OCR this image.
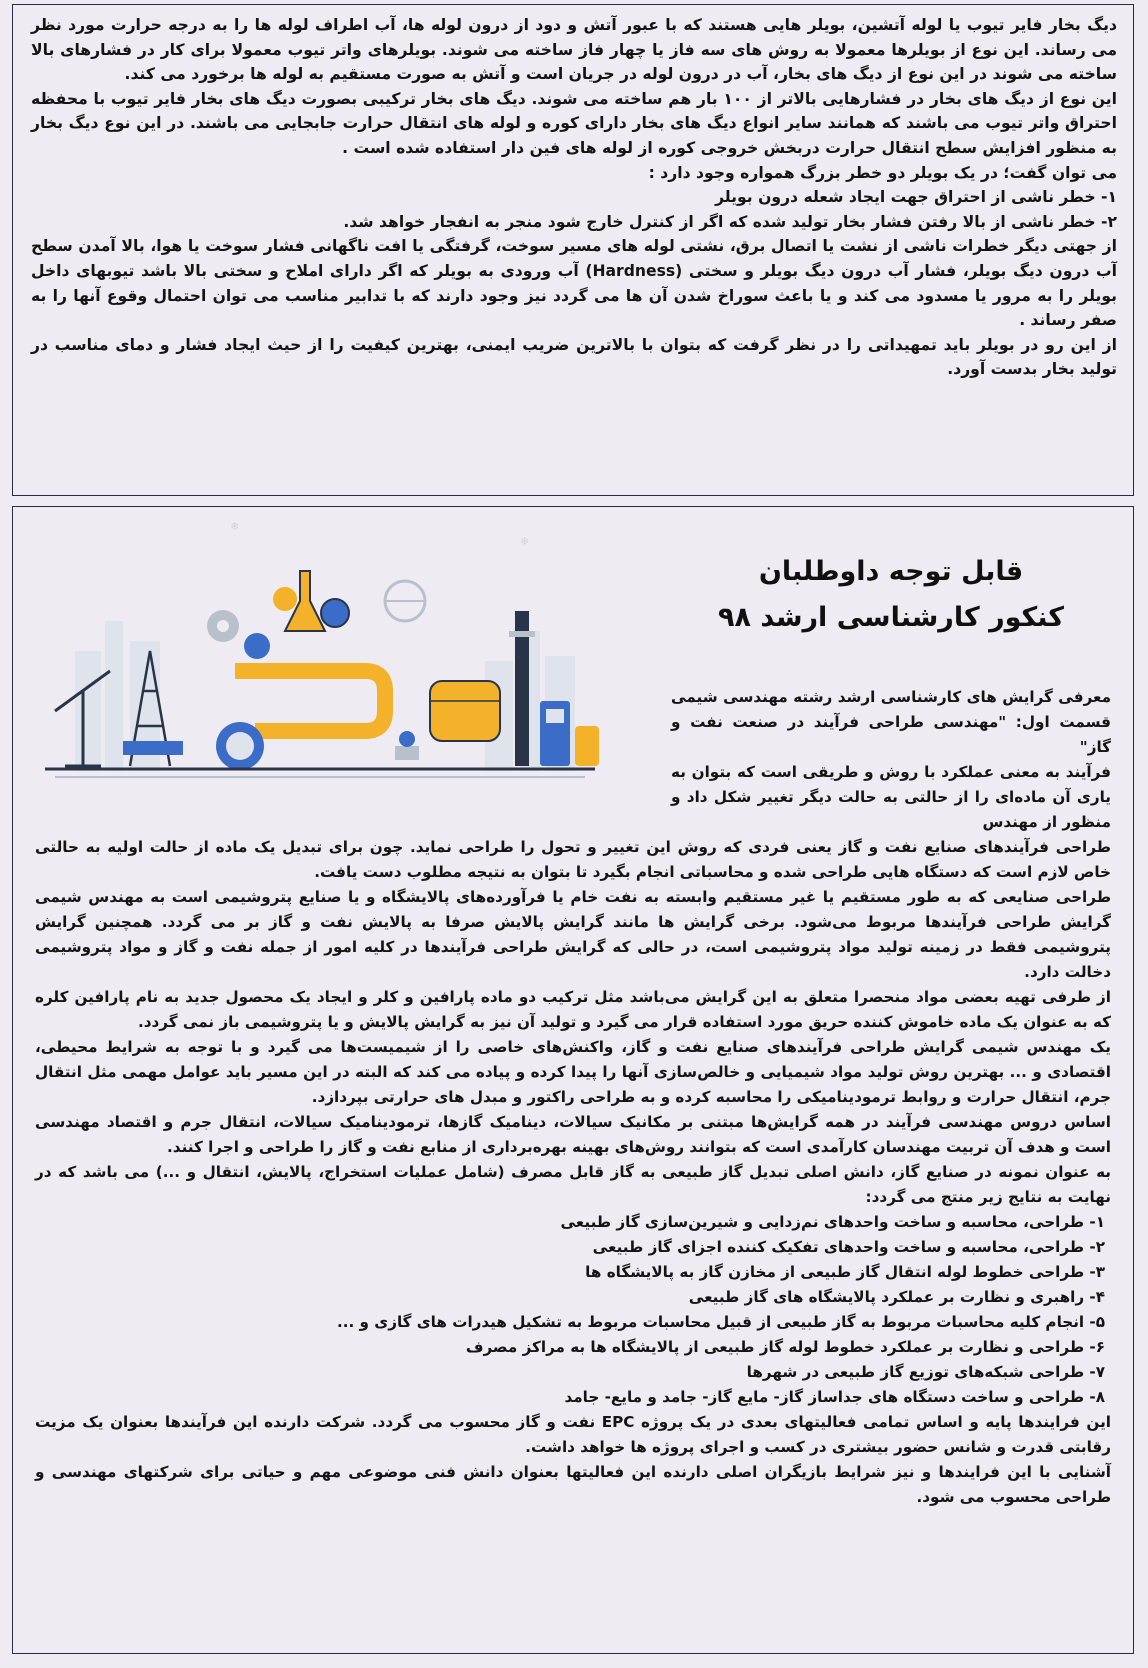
❄
❄

دیگ بخار فایر تیوب یا لوله آتشین، بویلر هایی هستند که با عبور آتش و دود از درون لوله ها، آب اطراف لوله ها را به درجه حرارت مورد نظر می رساند. این نوع از بویلرها معمولا به روش های سه فاز یا چهار فاز ساخته می شوند. بویلرهای واتر تیوب معمولا برای کار در فشارهای بالا ساخته می شوند در این نوع از دیگ های بخار، آب در درون لوله در جریان است و آتش به صورت مستقیم به لوله ها برخورد می کند.

این نوع از دیگ های بخار در فشارهایی بالاتر از ۱۰۰ بار هم ساخته می شوند. دیگ های بخار ترکیبی بصورت دیگ های بخار فایر تیوب با محفظه احتراق واتر تیوب می باشند که همانند سایر انواع دیگ های بخار دارای کوره و لوله های انتقال حرارت جابجایی می باشند. در این نوع دیگ بخار به منظور افزایش سطح انتقال حرارت دربخش خروجی کوره از لوله های فین دار استفاده شده است .

می توان گفت؛ در یک بویلر دو خطر بزرگ همواره وجود دارد :

۱- خطر ناشی از احتراق جهت ایجاد شعله درون بویلر

۲- خطر ناشی از بالا رفتن فشار بخار تولید شده که اگر از کنترل خارج شود منجر به انفجار خواهد شد.

از جهتی دیگر خطرات ناشی از نشت یا اتصال برق، نشتی لوله های مسیر سوخت، گرفتگی یا افت ناگهانی فشار سوخت یا هوا، بالا آمدن سطح آب درون دیگ بویلر، فشار آب درون دیگ بویلر و سختی (Hardness) آب ورودی به بویلر که اگر دارای املاح و سختی بالا باشد تیوبهای داخل بویلر را به مرور یا مسدود می کند و یا باعث سوراخ شدن آن ها می گردد نیز وجود دارند که با تدابیر مناسب می توان احتمال وقوع آنها را به صفر رساند .

از این رو در بویلر باید تمهیداتی را در نظر گرفت که بتوان با بالاترین ضریب ایمنی، بهترین کیفیت را از حیث ایجاد فشار و دمای مناسب در تولید بخار بدست آورد.

قابل توجه داوطلبان
کنکور کارشناسی ارشد ۹۸

معرفی گرایش های کارشناسی ارشد رشته مهندسی شیمی قسمت اول: "مهندسی طراحی فرآیند در صنعت نفت و گاز"

فرآیند به معنی عملکرد با روش و طریقی است که بتوان به یاری آن ماده‌ای را از حالتی به حالت دیگر تغییر شکل داد و منظور از مهندس

طراحی فرآیندهای صنایع نفت و گاز یعنی فردی که روش این تغییر و تحول را طراحی نماید. چون برای تبدیل یک ماده از حالت اولیه به حالتی خاص لازم است که دستگاه هایی طراحی شده و محاسباتی انجام بگیرد تا بتوان به نتیجه مطلوب دست یافت.

طراحی صنایعی که به طور مستقیم یا غیر مستقیم وابسته به نفت خام یا فرآورده‌های پالایشگاه و یا صنایع پتروشیمی است به مهندس شیمی گرایش طراحی فرآیندها مربوط می‌شود. برخی گرایش ها مانند گرایش پالایش صرفا به پالایش نفت و گاز بر می گردد. همچنین گرایش پتروشیمی فقط در زمینه تولید مواد پتروشیمی است، در حالی که گرایش طراحی فرآیندها در کلیه امور از جمله نفت و گاز و مواد پتروشیمی دخالت دارد.

از طرفی تهیه بعضی مواد منحصرا متعلق به این گرایش می‌باشد مثل ترکیب دو ماده پارافین و کلر و ایجاد یک محصول جدید به نام پارافین کلره که به عنوان یک ماده خاموش کننده حریق مورد استفاده قرار می گیرد و تولید آن نیز به گرایش پالایش و یا پتروشیمی باز نمی گردد.

یک مهندس شیمی گرایش طراحی فرآیندهای صنایع نفت و گاز، واکنش‌های خاصی را از شیمیست‌ها می گیرد و با توجه به شرایط محیطی، اقتصادی و ... بهترین روش تولید مواد شیمیایی و خالص‌سازی آنها را پیدا کرده و پیاده می کند که البته در این مسیر باید عوامل مهمی مثل انتقال جرم، انتقال حرارت و روابط ترمودینامیکی را محاسبه کرده و به طراحی راکتور و مبدل های حرارتی بپردازد.

اساس دروس مهندسی فرآیند در همه گرایش‌ها مبتنی بر مکانیک سیالات، دینامیک گازها، ترمودینامیک سیالات، انتقال جرم و اقتصاد مهندسی است و هدف آن تربیت مهندسان کارآمدی است که بتوانند روش‌های بهینه بهره‌برداری از منابع نفت و گاز را طراحی و اجرا کنند.

به عنوان نمونه در صنایع گاز، دانش اصلی تبدیل گاز طبیعی به گاز قابل مصرف (شامل عملیات استخراج، پالایش، انتقال و ...) می باشد که در نهایت به نتایج زیر منتج می گردد:

۱- طراحی، محاسبه و ساخت واحدهای نم‌زدایی و شیرین‌سازی گاز طبیعی

۲- طراحی، محاسبه و ساخت واحدهای تفکیک کننده اجزای گاز طبیعی

۳- طراحی خطوط لوله انتقال گاز طبیعی از مخازن گاز به پالایشگاه ها

۴- راهبری و نظارت بر عملکرد پالایشگاه های گاز طبیعی

۵- انجام کلیه محاسبات مربوط به گاز طبیعی از قبیل محاسبات مربوط به تشکیل هیدرات های گازی و ...

۶- طراحی و نظارت بر عملکرد خطوط لوله گاز طبیعی از پالایشگاه ها به مراکز مصرف

۷- طراحی شبکه‌های توزیع گاز طبیعی در شهرها

۸- طراحی و ساخت دستگاه های جداساز گاز- مایع گاز- جامد و مایع- جامد

این فرایندها پایه و اساس تمامی فعالیتهای بعدی در یک پروژه EPC نفت و گاز محسوب می گردد. شرکت دارنده این فرآیندها بعنوان یک مزیت رقابتی قدرت و شانس حضور بیشتری در کسب و اجرای پروژه ها خواهد داشت.

آشنایی با این فرایندها و نیز شرایط بازیگران اصلی دارنده این فعالیتها بعنوان دانش فنی موضوعی مهم و حیاتی برای شرکتهای مهندسی و طراحی محسوب می شود.
